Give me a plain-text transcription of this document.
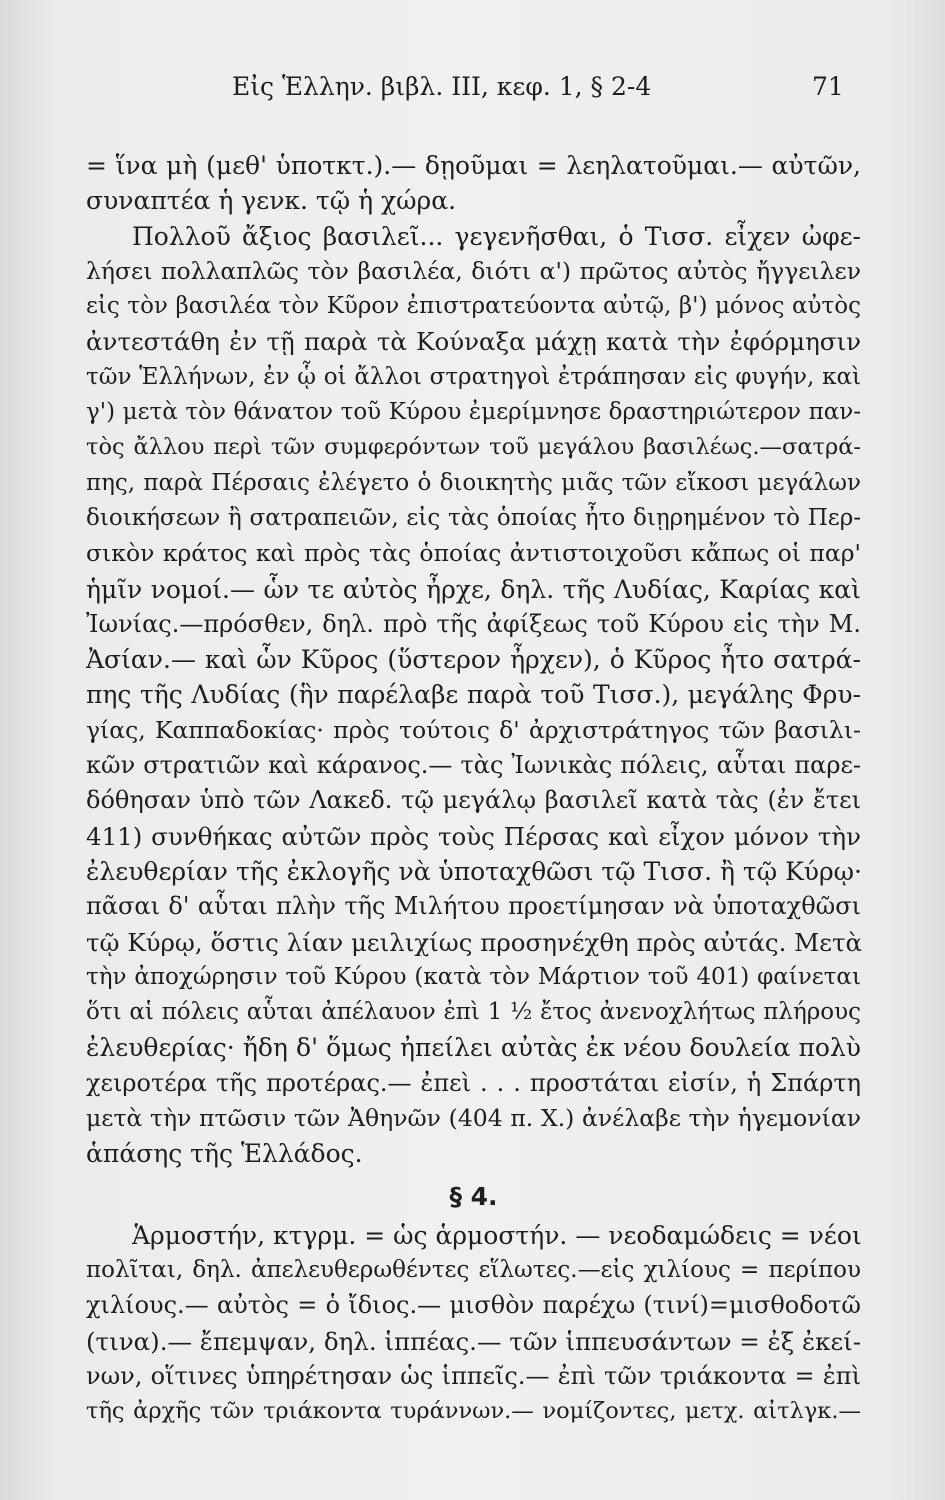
Εἰς Ἑλλην. βιβλ. III, κεφ. 1, § 2-4	71
= ἵνα μὴ (μεθ' ὑποτκτ.).— δῃοῦμαι = λεηλατοῦμαι.— αὐτῶν,
συναπτέα ἡ γενκ. τῷ ἡ χώρα.
Πολλοῦ ἄξιος βασιλεῖ... γεγενῆσθαι, ὁ Τισσ. εἶχεν ὠφε-
λήσει πολλαπλῶς τὸν βασιλέα, διότι α') πρῶτος αὐτὸς ἤγγειλεν
εἰς τὸν βασιλέα τὸν Κῦρον ἐπιστρατεύοντα αὐτῷ, β') μόνος αὐτὸς
ἀντεστάθη ἐν τῇ παρὰ τὰ Κούναξα μάχῃ κατὰ τὴν ἐφόρμησιν
τῶν Ἑλλήνων, ἐν ᾧ οἱ ἄλλοι στρατηγοὶ ἐτράπησαν εἰς φυγήν, καὶ
γ') μετὰ τὸν θάνατον τοῦ Κύρου ἐμερίμνησε δραστηριώτερον παν-
τὸς ἄλλου περὶ τῶν συμφερόντων τοῦ μεγάλου βασιλέως.—σατρά-
πης, παρὰ Πέρσαις ἐλέγετο ὁ διοικητὴς μιᾶς τῶν εἴκοσι μεγάλων
διοικήσεων ἢ σατραπειῶν, εἰς τὰς ὁποίας ἦτο διῃρημένον τὸ Περ-
σικὸν κράτος καὶ πρὸς τὰς ὁποίας ἀντιστοιχοῦσι κἄπως οἱ παρ'
ἡμῖν νομοί.— ὧν τε αὐτὸς ἦρχε, δηλ. τῆς Λυδίας, Καρίας καὶ
Ἰωνίας.—πρόσθεν, δηλ. πρὸ τῆς ἀφίξεως τοῦ Κύρου εἰς τὴν Μ.
Ἀσίαν.— καὶ ὧν Κῦρος (ὕστερον ἦρχεν), ὁ Κῦρος ἦτο σατρά-
πης τῆς Λυδίας (ἣν παρέλαβε παρὰ τοῦ Τισσ.), μεγάλης Φρυ-
γίας, Καππαδοκίας· πρὸς τούτοις δ' ἀρχιστράτηγος τῶν βασιλι-
κῶν στρατιῶν καὶ κάρανος.— τὰς Ἰωνικὰς πόλεις, αὗται παρε-
δόθησαν ὑπὸ τῶν Λακεδ. τῷ μεγάλῳ βασιλεῖ κατὰ τὰς (ἐν ἔτει
411) συνθήκας αὐτῶν πρὸς τοὺς Πέρσας καὶ εἶχον μόνον τὴν
ἐλευθερίαν τῆς ἐκλογῆς νὰ ὑποταχθῶσι τῷ Τισσ. ἢ τῷ Κύρῳ·
πᾶσαι δ' αὗται πλὴν τῆς Μιλήτου προετίμησαν νὰ ὑποταχθῶσι
τῷ Κύρῳ, ὅστις λίαν μειλιχίως προσηνέχθη πρὸς αὐτάς. Μετὰ
τὴν ἀποχώρησιν τοῦ Κύρου (κατὰ τὸν Μάρτιον τοῦ 401) φαίνεται
ὅτι αἱ πόλεις αὗται ἀπέλαυον ἐπὶ 1 ½ ἔτος ἀνενοχλήτως πλήρους
ἐλευθερίας· ἤδη δ' ὅμως ἠπείλει αὐτὰς ἐκ νέου δουλεία πολὺ
χειροτέρα τῆς προτέρας.— ἐπεὶ . . . προστάται εἰσίν, ἡ Σπάρτη
μετὰ τὴν πτῶσιν τῶν Ἀθηνῶν (404 π. Χ.) ἀνέλαβε τὴν ἡγεμονίαν
ἁπάσης τῆς Ἑλλάδος.
§ 4.
Ἁρμοστήν, κτγρμ. = ὡς ἁρμοστήν. — νεοδαμώδεις = νέοι
πολῖται, δηλ. ἀπελευθερωθέντες εἵλωτες.—εἰς χιλίους = περίπου
χιλίους.— αὐτὸς = ὁ ἴδιος.— μισθὸν παρέχω (τινί)=μισθοδοτῶ
(τινα).— ἔπεμψαν, δηλ. ἱππέας.— τῶν ἱππευσάντων = ἐξ ἐκεί-
νων, οἵτινες ὑπηρέτησαν ὡς ἱππεῖς.— ἐπὶ τῶν τριάκοντα = ἐπὶ
τῆς ἀρχῆς τῶν τριάκοντα τυράννων.— νομίζοντες, μετχ. αἰτλγκ.—
